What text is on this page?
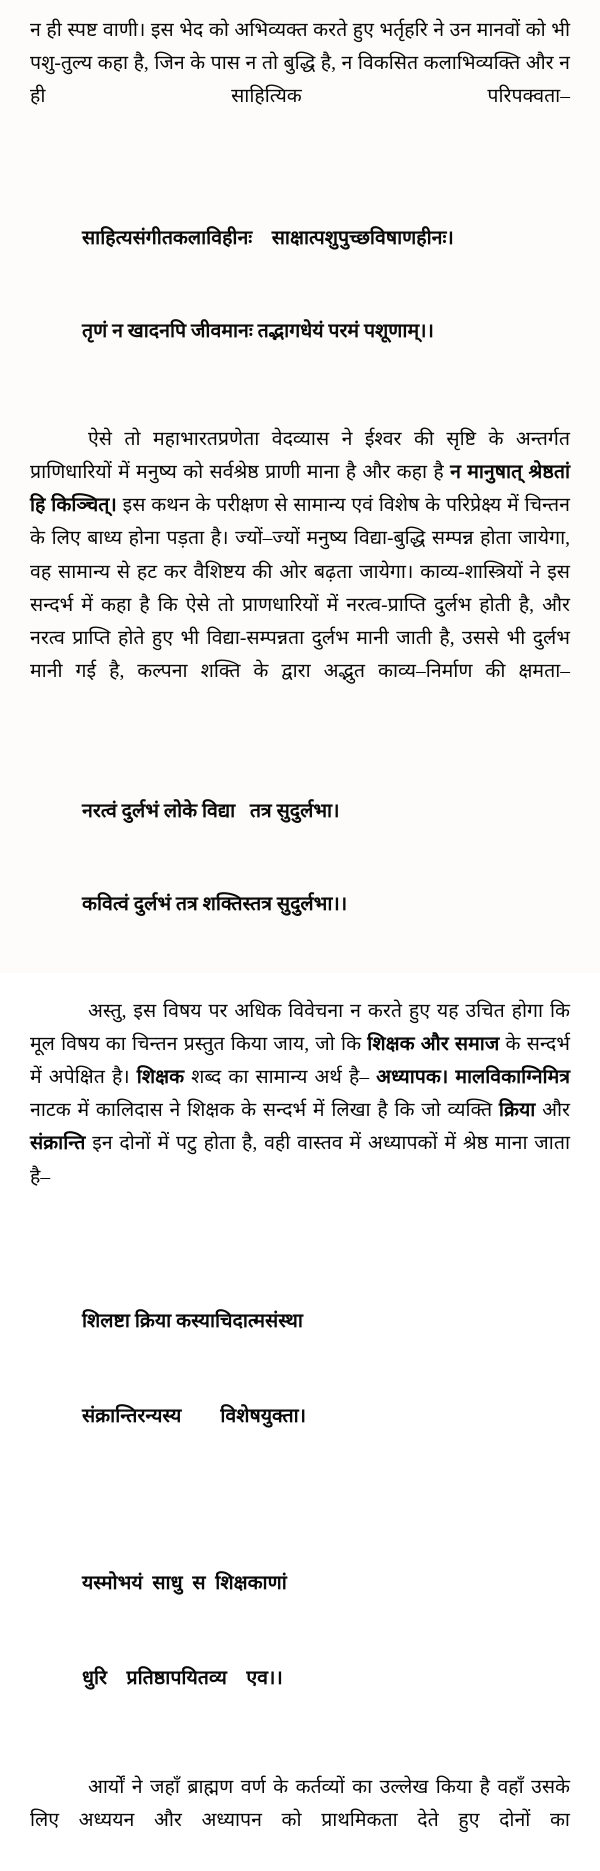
न ही स्पष्ट वाणी। इस भेद को अभिव्यक्त करते हुए भर्तृहरि ने उन मानवों को भी पशु-तुल्य कहा है, जिन के पास न तो बुद्धि है, न विकसित कलाभिव्यक्ति और न ही साहित्यिक परिपक्वता–

साहित्यसंगीतकलाविहीनः    साक्षात्पशुपुच्छविषाणहीनः।

तृणं न खादनपि जीवमानः तद्भागधेयं परमं पशूणाम्।।

ऐसे तो महाभारतप्रणेता वेदव्यास ने ईश्वर की सृष्टि के अन्तर्गत प्राणिधारियों में मनुष्य को सर्वश्रेष्ठ प्राणी माना है और कहा है न मानुषात् श्रेष्ठतां हि किञ्चित्। इस कथन के परीक्षण से सामान्य एवं विशेष के परिप्रेक्ष्य में चिन्तन के लिए बाध्य होना पड़ता है। ज्यों–ज्यों मनुष्य विद्या-बुद्धि सम्पन्न होता जायेगा, वह सामान्य से हट कर वैशिष्टय की ओर बढ़ता जायेगा। काव्य-शास्त्रियों ने इस सन्दर्भ में कहा है कि ऐसे तो प्राणधारियों में नरत्व-प्राप्ति दुर्लभ होती है, और नरत्व प्राप्ति होते हुए भी विद्या-सम्पन्नता दुर्लभ मानी जाती है, उससे भी दुर्लभ मानी गई है, कल्पना शक्ति के द्वारा अद्भुत काव्य–निर्माण की क्षमता–

नरत्वं दुर्लभं लोके विद्या   तत्र सुदुर्लभा।

कवित्वं दुर्लभं तत्र शक्तिस्तत्र सुदुर्लभा।।

अस्तु, इस विषय पर अधिक विवेचना न करते हुए यह उचित होगा कि मूल विषय का चिन्तन प्रस्तुत किया जाय, जो कि शिक्षक और समाज के सन्दर्भ में अपेक्षित है। शिक्षक शब्द का सामान्य अर्थ है– अध्यापक। मालविकाग्निमित्र नाटक में कालिदास ने शिक्षक के सन्दर्भ में लिखा है कि जो व्यक्ति क्रिया और संक्रान्ति इन दोनों में पटु होता है, वही वास्तव में अध्यापकों में श्रेष्ठ माना जाता है–

शिलष्टा क्रिया कस्याचिदात्मसंस्था

संक्रान्तिरन्यस्य        विशेषयुक्ता।

यस्मोभयं  साधु  स  शिक्षकाणां

धुरि    प्रतिष्ठापयितव्य    एव।।

आर्यों ने जहाँ ब्राह्मण वर्ण के कर्तव्यों का उल्लेख किया है वहाँ उसके लिए अध्ययन और अध्यापन को प्राथमिकता देते हुए दोनों का
